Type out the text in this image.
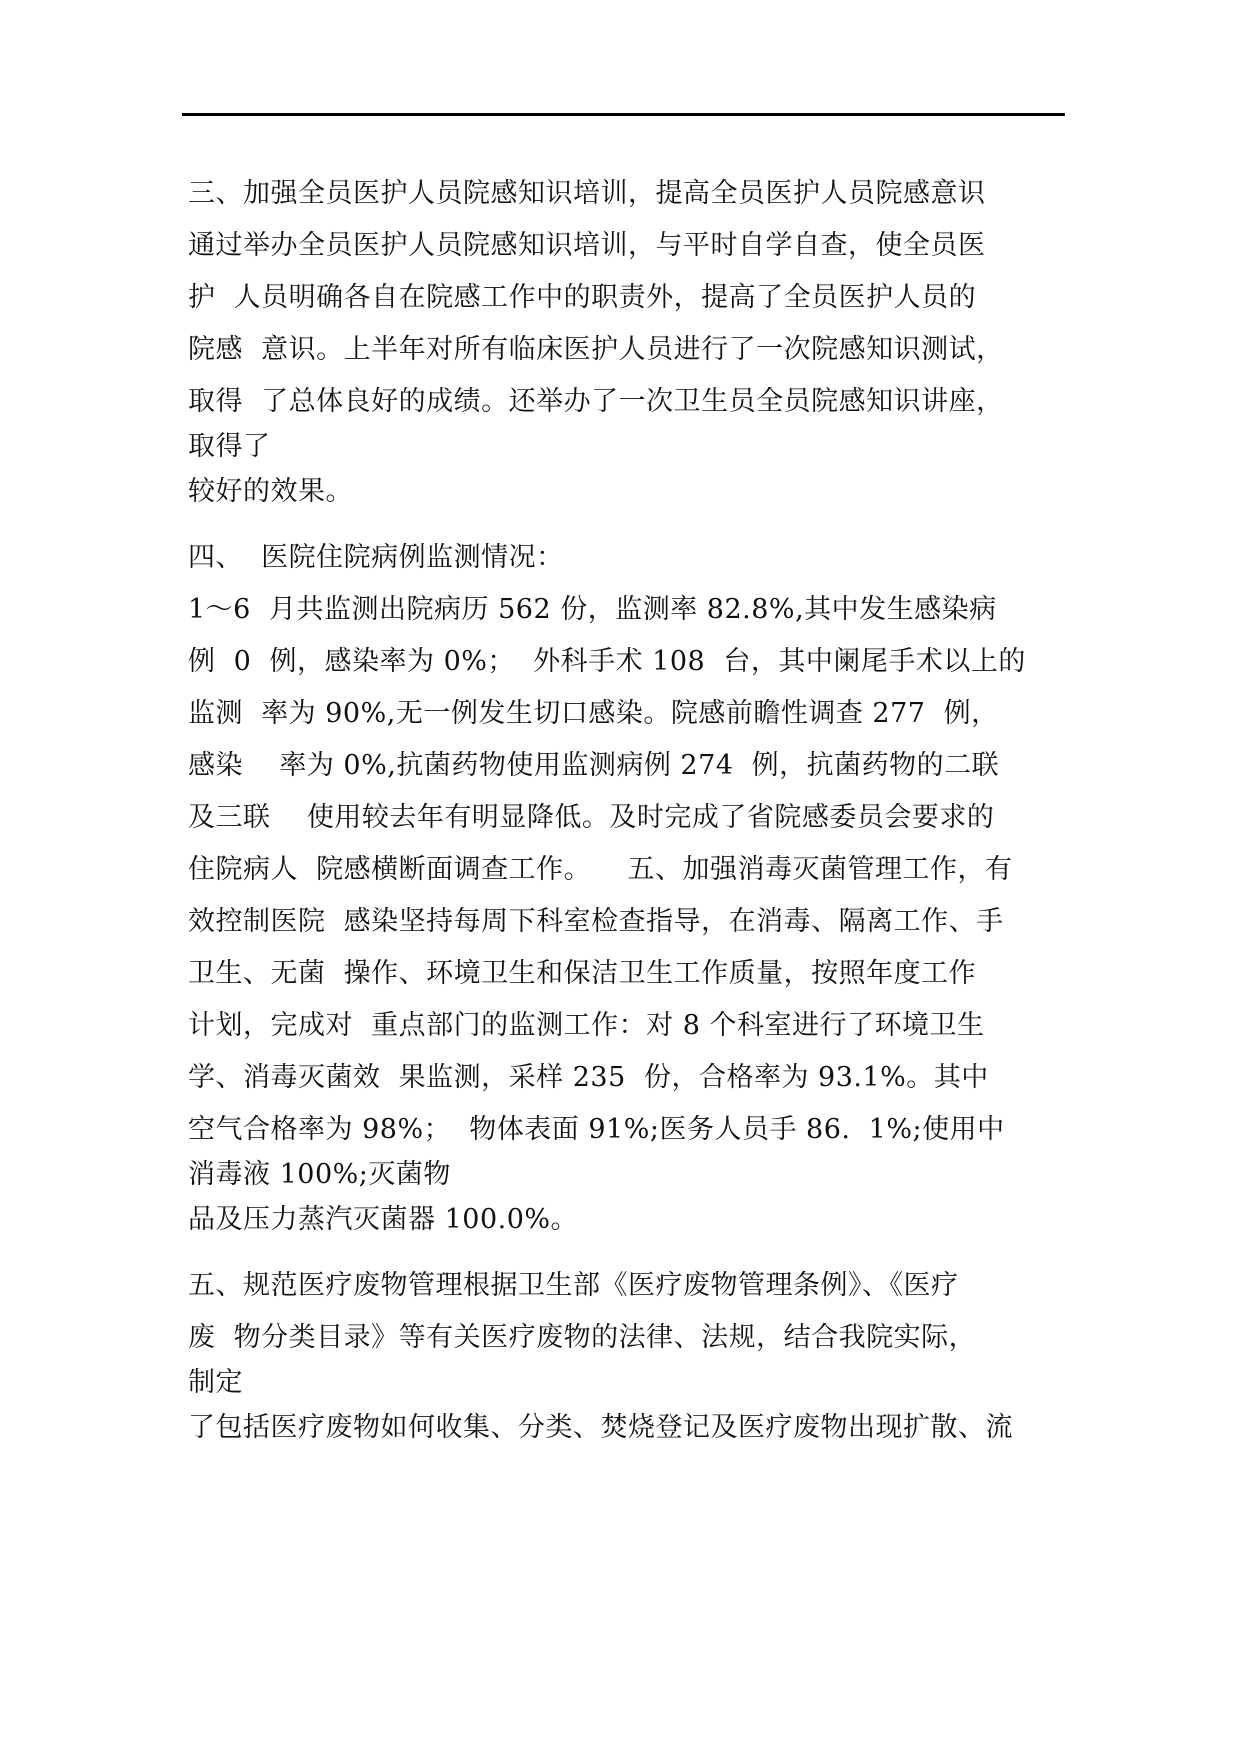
三、加强全员医护人员院感知识培训，提高全员医护人员院感意识
通过举办全员医护人员院感知识培训，与平时自学自查，使全员医
护  人员明确各自在院感工作中的职责外，提高了全员医护人员的
院感  意识。上半年对所有临床医护人员进行了一次院感知识测试，
取得  了总体良好的成绩。还举办了一次卫生员全员院感知识讲座，
取得了
较好的效果。
四、  医院住院病例监测情况：
1～6  月共监测出院病历 562 份，监测率 82.8%,其中发生感染病
例  0  例，感染率为 0%；  外科手术 108  台，其中阑尾手术以上的
监测  率为 90%,无一例发生切口感染。院感前瞻性调查 277  例，
感染    率为 0%,抗菌药物使用监测病例 274  例，抗菌药物的二联
及三联    使用较去年有明显降低。及时完成了省院感委员会要求的
住院病人  院感横断面调查工作。    五、加强消毒灭菌管理工作，有
效控制医院  感染坚持每周下科室检查指导，在消毒、隔离工作、手
卫生、无菌  操作、环境卫生和保洁卫生工作质量，按照年度工作
计划，完成对  重点部门的监测工作：对 8 个科室进行了环境卫生
学、消毒灭菌效  果监测，采样 235  份，合格率为 93.1%。其中
空气合格率为 98%；  物体表面 91%;医务人员手 86.  1%;使用中
消毒液 100%;灭菌物
品及压力蒸汽灭菌器 100.0%。
五、规范医疗废物管理根据卫生部《医疗废物管理条例》、《医疗
废  物分类目录》等有关医疗废物的法律、法规，结合我院实际，
制定
了包括医疗废物如何收集、分类、焚烧登记及医疗废物出现扩散、流
